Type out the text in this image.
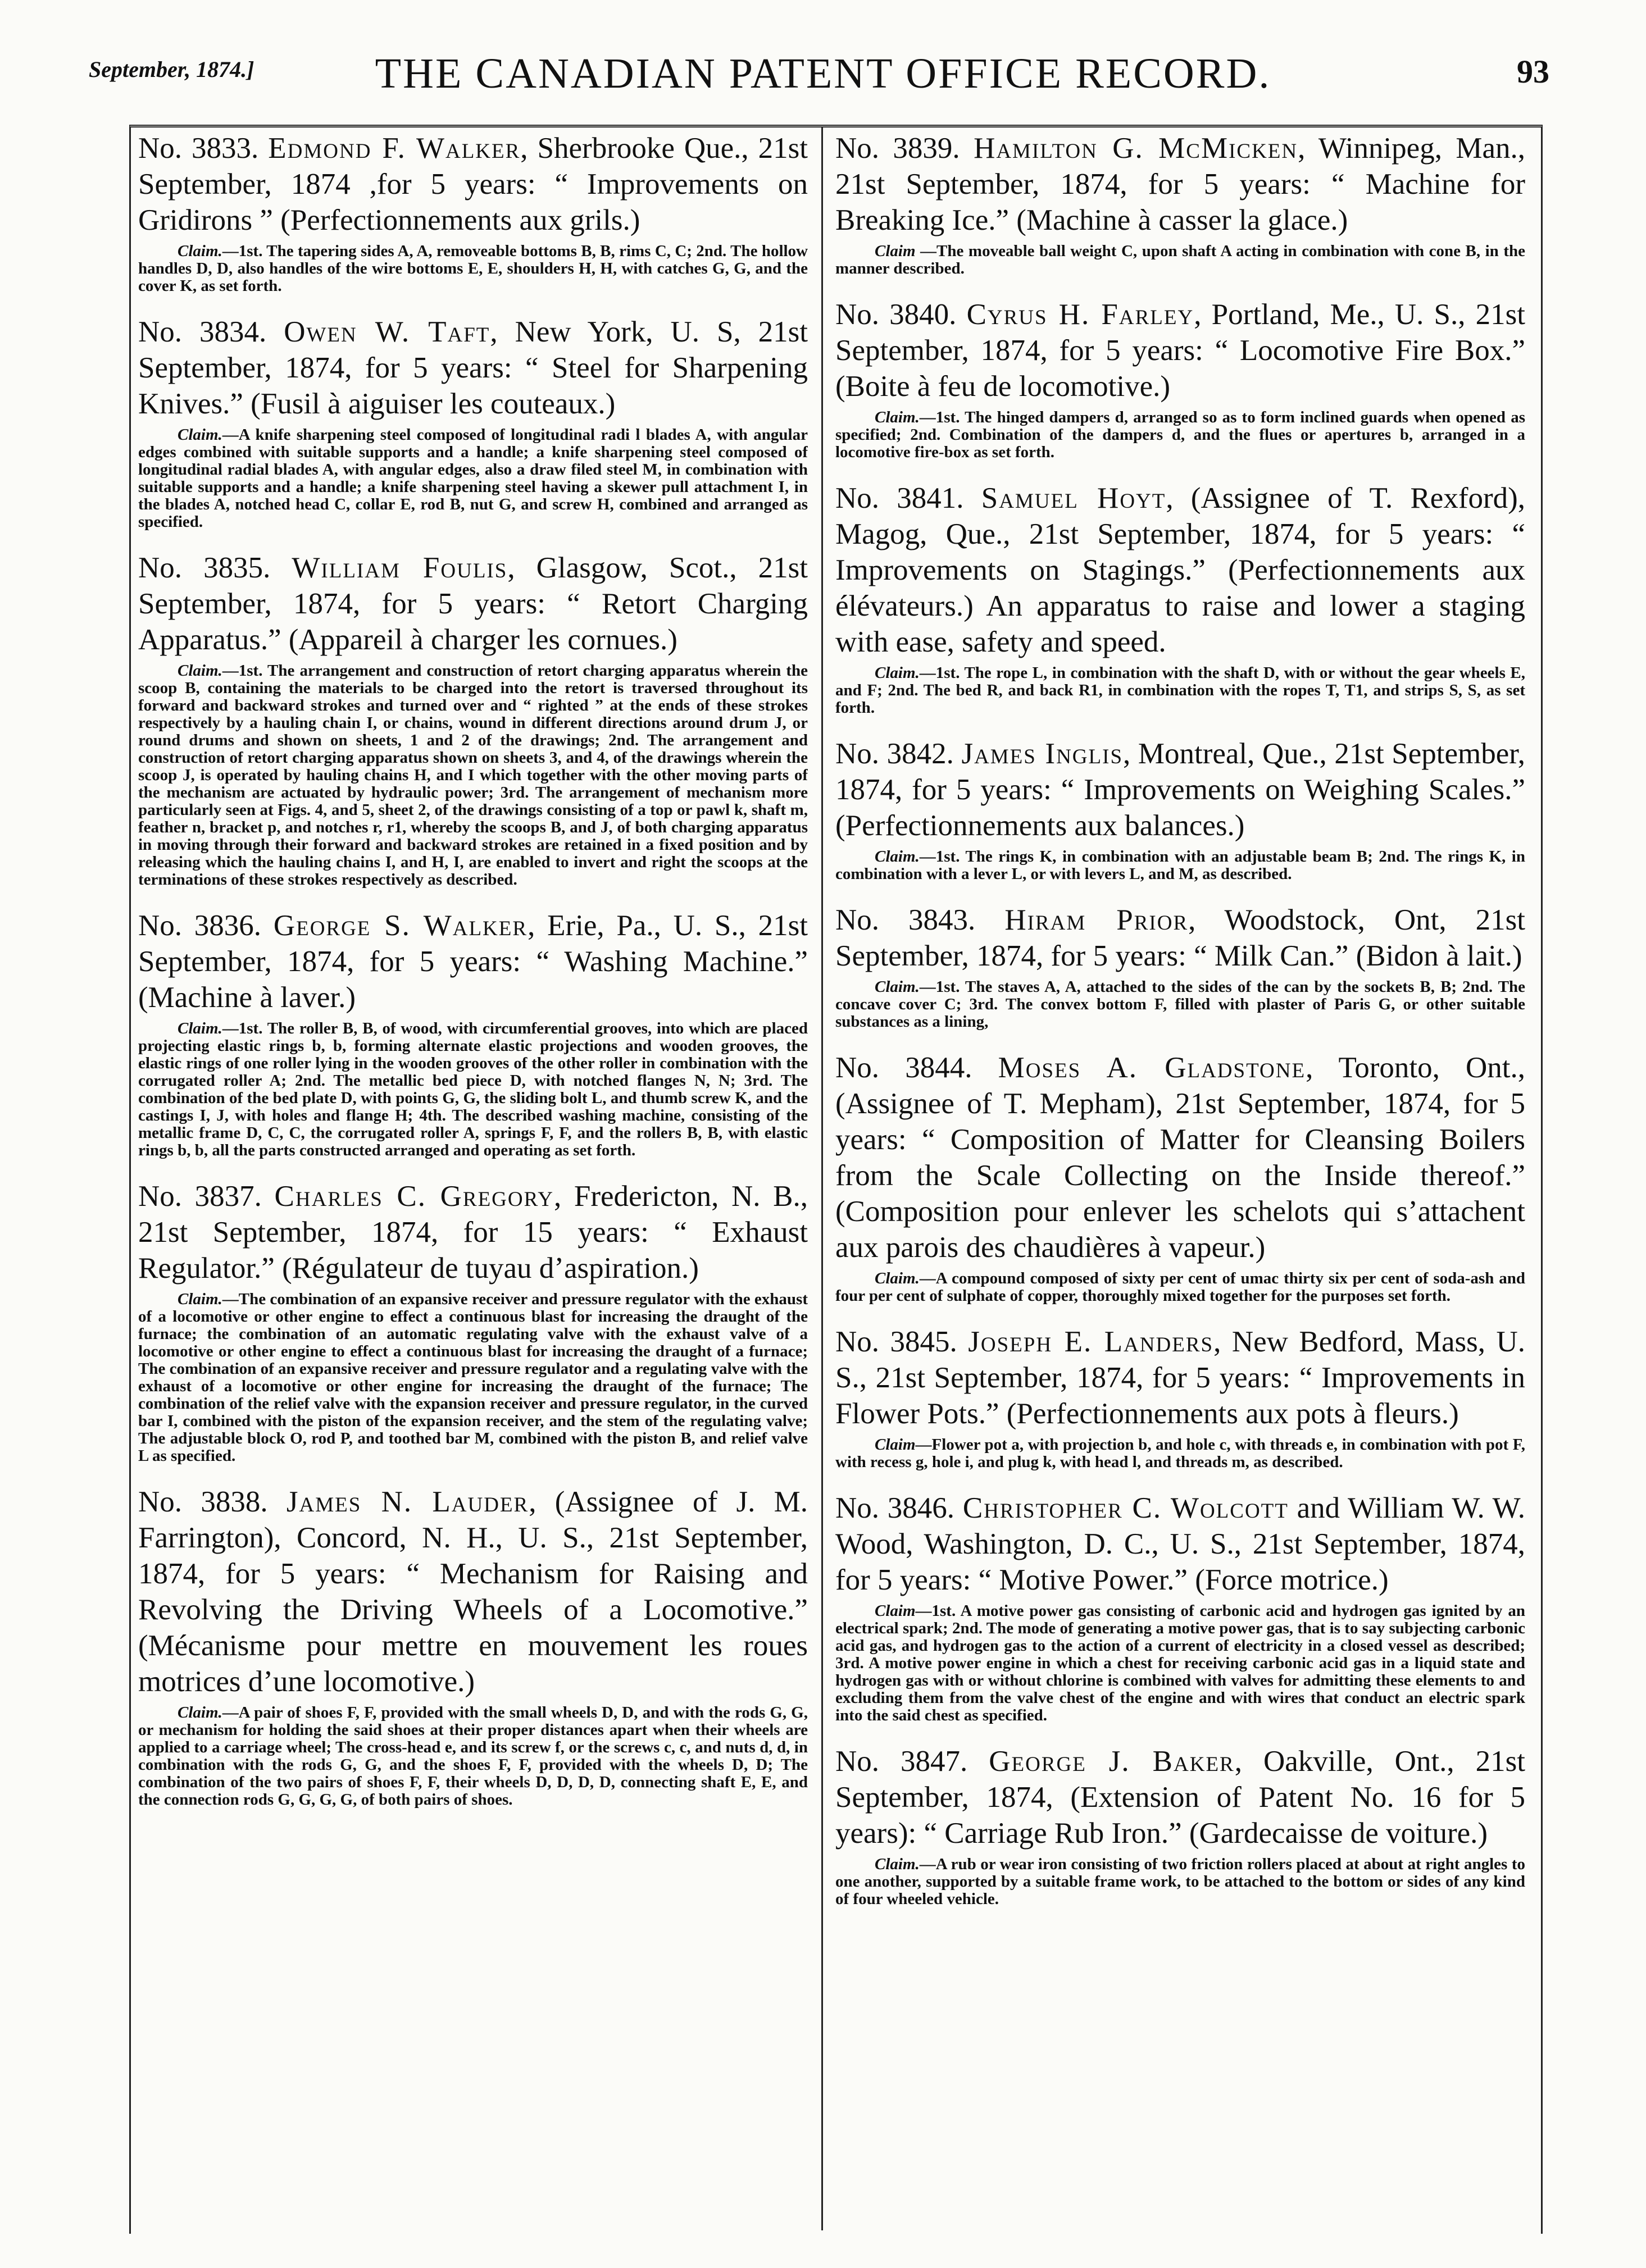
September, 1874.]	THE CANADIAN PATENT OFFICE RECORD.	93

No. 3833. Edmond F. Walker, Sherbrooke Que., 21st September, 1874 ,for 5 years: “ Improvements on Gridirons ” (Perfectionnements aux grils.)

Claim.—1st. The tapering sides A, A, removeable bottoms B, B, rims C, C; 2nd. The hollow handles D, D, also handles of the wire bottoms E, E, shoulders H, H, with catches G, G, and the cover K, as set forth.

No. 3834. Owen W. Taft, New York, U. S, 21st September, 1874, for 5 years: “ Steel for Sharpening Knives.” (Fusil à aiguiser les couteaux.)

Claim.—A knife sharpening steel composed of longitudinal radi l blades A, with angular edges combined with suitable supports and a handle; a knife sharpening steel composed of longitudinal radial blades A, with angular edges, also a draw filed steel M, in combination with suitable supports and a handle; a knife sharpening steel having a skewer pull attachment I, in the blades A, notched head C, collar E, rod B, nut G, and screw H, combined and arranged as specified.

No. 3835. William Foulis, Glasgow, Scot., 21st September, 1874, for 5 years: “ Retort Charging Apparatus.” (Appareil à charger les cornues.)

Claim.—1st. The arrangement and construction of retort charging apparatus wherein the scoop B, containing the materials to be charged into the retort is traversed throughout its forward and backward strokes and turned over and “ righted ” at the ends of these strokes respectively by a hauling chain I, or chains, wound in different directions around drum J, or round drums and shown on sheets, 1 and 2 of the drawings; 2nd. The arrangement and construction of retort charging apparatus shown on sheets 3, and 4, of the drawings wherein the scoop J, is operated by hauling chains H, and I which together with the other moving parts of the mechanism are actuated by hydraulic power; 3rd. The arrangement of mechanism more particularly seen at Figs. 4, and 5, sheet 2, of the drawings consisting of a top or pawl k, shaft m, feather n, bracket p, and notches r, r1, whereby the scoops B, and J, of both charging apparatus in moving through their forward and backward strokes are retained in a fixed position and by releasing which the hauling chains I, and H, I, are enabled to invert and right the scoops at the terminations of these strokes respectively as described.

No. 3836. George S. Walker, Erie, Pa., U. S., 21st September, 1874, for 5 years: “ Washing Machine.” (Machine à laver.)

Claim.—1st. The roller B, B, of wood, with circumferential grooves, into which are placed projecting elastic rings b, b, forming alternate elastic projections and wooden grooves, the elastic rings of one roller lying in the wooden grooves of the other roller in combination with the corrugated roller A; 2nd. The metallic bed piece D, with notched flanges N, N; 3rd. The combination of the bed plate D, with points G, G, the sliding bolt L, and thumb screw K, and the castings I, J, with holes and flange H; 4th. The described washing machine, consisting of the metallic frame D, C, C, the corrugated roller A, springs F, F, and the rollers B, B, with elastic rings b, b, all the parts constructed arranged and operating as set forth.

No. 3837. Charles C. Gregory, Fredericton, N. B., 21st September, 1874, for 15 years: “ Exhaust Regulator.” (Régulateur de tuyau d’aspiration.)

Claim.—The combination of an expansive receiver and pressure regulator with the exhaust of a locomotive or other engine to effect a continuous blast for increasing the draught of the furnace; the combination of an automatic regulating valve with the exhaust valve of a locomotive or other engine to effect a continuous blast for increasing the draught of a furnace; The combination of an expansive receiver and pressure regulator and a regulating valve with the exhaust of a locomotive or other engine for increasing the draught of the furnace; The combination of the relief valve with the expansion receiver and pressure regulator, in the curved bar I, combined with the piston of the expansion receiver, and the stem of the regulating valve; The adjustable block O, rod P, and toothed bar M, combined with the piston B, and relief valve L as specified.

No. 3838. James N. Lauder, (Assignee of J. M. Farrington), Concord, N. H., U. S., 21st September, 1874, for 5 years: “ Mechanism for Raising and Revolving the Driving Wheels of a Locomotive.” (Mécanisme pour mettre en mouvement les roues motrices d’une locomotive.)

Claim.—A pair of shoes F, F, provided with the small wheels D, D, and with the rods G, G, or mechanism for holding the said shoes at their proper distances apart when their wheels are applied to a carriage wheel; The cross-head e, and its screw f, or the screws c, c, and nuts d, d, in combination with the rods G, G, and the shoes F, F, provided with the wheels D, D; The combination of the two pairs of shoes F, F, their wheels D, D, D, D, connecting shaft E, E, and the connection rods G, G, G, G, of both pairs of shoes.

No. 3839. Hamilton G. McMicken, Winnipeg, Man., 21st September, 1874, for 5 years: “ Machine for Breaking Ice.” (Machine à casser la glace.)

Claim —The moveable ball weight C, upon shaft A acting in combination with cone B, in the manner described.

No. 3840. Cyrus H. Farley, Portland, Me., U. S., 21st September, 1874, for 5 years: “ Locomotive Fire Box.” (Boite à feu de locomotive.)

Claim.—1st. The hinged dampers d, arranged so as to form inclined guards when opened as specified; 2nd. Combination of the dampers d, and the flues or apertures b, arranged in a locomotive fire-box as set forth.

No. 3841. Samuel Hoyt, (Assignee of T. Rexford), Magog, Que., 21st September, 1874, for 5 years: “ Improvements on Stagings.” (Perfectionnements aux élévateurs.) An apparatus to raise and lower a staging with ease, safety and speed.

Claim.—1st. The rope L, in combination with the shaft D, with or without the gear wheels E, and F; 2nd. The bed R, and back R1, in combination with the ropes T, T1, and strips S, S, as set forth.

No. 3842. James Inglis, Montreal, Que., 21st September, 1874, for 5 years: “ Improvements on Weighing Scales.” (Perfectionnements aux balances.)

Claim.—1st. The rings K, in combination with an adjustable beam B; 2nd. The rings K, in combination with a lever L, or with levers L, and M, as described.

No. 3843. Hiram Prior, Woodstock, Ont, 21st September, 1874, for 5 years: “ Milk Can.” (Bidon à lait.)

Claim.—1st. The staves A, A, attached to the sides of the can by the sockets B, B; 2nd. The concave cover C; 3rd. The convex bottom F, filled with plaster of Paris G, or other suitable substances as a lining,

No. 3844. Moses A. Gladstone, Toronto, Ont., (Assignee of T. Mepham), 21st September, 1874, for 5 years: “ Composition of Matter for Cleansing Boilers from the Scale Collecting on the Inside thereof.” (Composition pour enlever les schelots qui s’attachent aux parois des chaudières à vapeur.)

Claim.—A compound composed of sixty per cent of umac thirty six per cent of soda-ash and four per cent of sulphate of copper, thoroughly mixed together for the purposes set forth.

No. 3845. Joseph E. Landers, New Bedford, Mass, U. S., 21st September, 1874, for 5 years: “ Improvements in Flower Pots.” (Perfectionnements aux pots à fleurs.)

Claim—Flower pot a, with projection b, and hole c, with threads e, in combination with pot F, with recess g, hole i, and plug k, with head l, and threads m, as described.

No. 3846. Christopher C. Wolcott and William W. W. Wood, Washington, D. C., U. S., 21st September, 1874, for 5 years: “ Motive Power.” (Force motrice.)

Claim—1st. A motive power gas consisting of carbonic acid and hydrogen gas ignited by an electrical spark; 2nd. The mode of generating a motive power gas, that is to say subjecting carbonic acid gas, and hydrogen gas to the action of a current of electricity in a closed vessel as described; 3rd. A motive power engine in which a chest for receiving carbonic acid gas in a liquid state and hydrogen gas with or without chlorine is combined with valves for admitting these elements to and excluding them from the valve chest of the engine and with wires that conduct an electric spark into the said chest as specified.

No. 3847. George J. Baker, Oakville, Ont., 21st September, 1874, (Extension of Patent No. 16 for 5 years): “ Carriage Rub Iron.” (Gardecaisse de voiture.)

Claim.—A rub or wear iron consisting of two friction rollers placed at about at right angles to one another, supported by a suitable frame work, to be attached to the bottom or sides of any kind of four wheeled vehicle.
